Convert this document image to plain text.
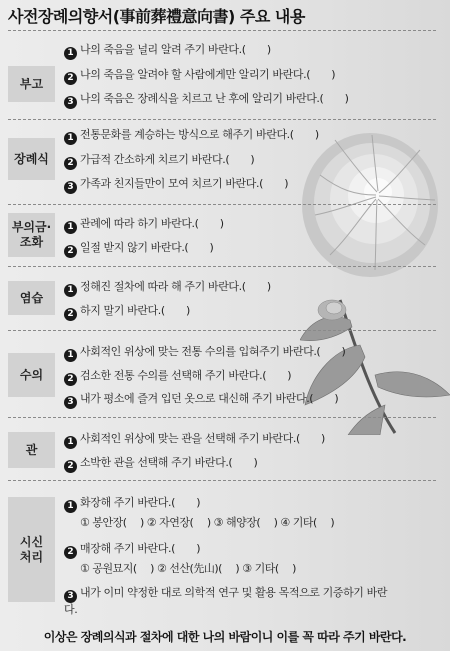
사전장례의향서(事前葬禮意向書) 주요 내용
부고
1 나의 죽음을 널리 알려 주기 바란다.(　　)
2 나의 죽음을 알려야 할 사람에게만 알리기 바란다.(　　)
3 나의 죽음은 장례식을 치르고 난 후에 알리기 바란다.(　　)
장례식
1 전통문화를 계승하는 방식으로 해주기 바란다.(　　)
2 가급적 간소하게 치르기 바란다.(　　)
3 가족과 친지들만이 모여 치르기 바란다.(　　)
부의금·
조화
1 관례에 따라 하기 바란다.(　　)
2 일절 받지 않기 바란다.(　　)
염습
1 정해진 절차에 따라 해 주기 바란다.(　　)
2 하지 말기 바란다.(　　)
수의
1 사회적인 위상에 맞는 전통 수의를 입혀주기 바란다.(　　)
2 검소한 전통 수의를 선택해 주기 바란다.(　　)
3 내가 평소에 즐겨 입던 옷으로 대신해 주기 바란다.(　　)
관
1 사회적인 위상에 맞는 관을 선택해 주기 바란다.(　　)
2 소박한 관을 선택해 주기 바란다.(　　)
시신
처리
1 화장해 주기 바란다.(　　)
① 봉안장(　 ) ② 자연장(　 ) ③ 해양장(　 ) ④ 기타(　 )
2 매장해 주기 바란다.(　　)
① 공원묘지(　 ) ② 선산(先山)(　 ) ③ 기타(　 )
3 내가 이미 약정한 대로 의학적 연구 및 활용 목적으로 기증하기 바란다.
이상은 장례의식과 절차에 대한 나의 바람이니 이를 꼭 따라 주기 바란다.
